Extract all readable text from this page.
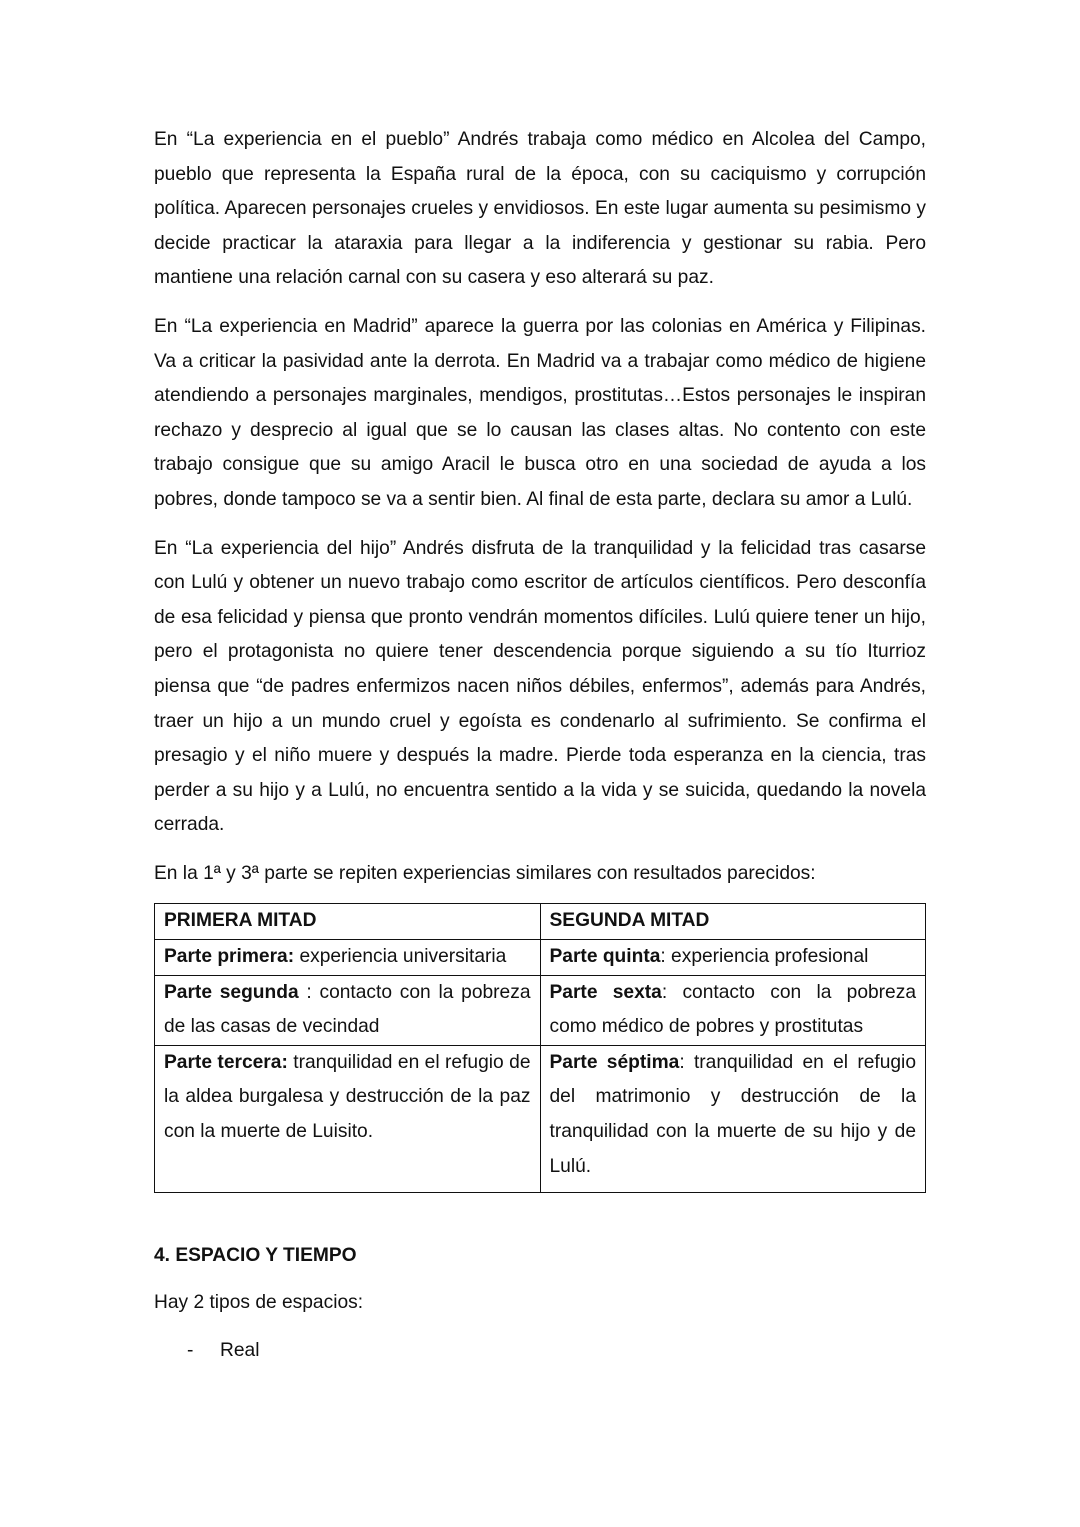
En “La experiencia en el pueblo” Andrés trabaja como médico en Alcolea del Campo, pueblo que representa la España rural de la época, con su caciquismo y corrupción política. Aparecen personajes crueles y envidiosos. En este lugar aumenta su pesimismo y decide practicar la ataraxia para llegar a la indiferencia y gestionar su rabia. Pero mantiene una relación carnal con su casera y eso alterará su paz.

En “La experiencia en Madrid” aparece la guerra por las colonias en América y Filipinas. Va a criticar la pasividad ante la derrota. En Madrid va a trabajar como médico de higiene atendiendo a personajes marginales, mendigos, prostitutas…Estos personajes le inspiran rechazo y desprecio al igual que se lo causan las clases altas. No contento con este trabajo consigue que su amigo Aracil le busca otro en una sociedad de ayuda a los pobres, donde tampoco se va a sentir bien. Al final de esta parte, declara su amor a Lulú.

En “La experiencia del hijo” Andrés disfruta de la tranquilidad y la felicidad tras casarse con Lulú y obtener un nuevo trabajo como escritor de artículos científicos. Pero desconfía de esa felicidad y piensa que pronto vendrán momentos difíciles. Lulú quiere tener un hijo, pero el protagonista no quiere tener descendencia porque siguiendo a su tío Iturrioz piensa que “de padres enfermizos nacen niños débiles, enfermos”, además para Andrés, traer un hijo a un mundo cruel y egoísta es condenarlo al sufrimiento. Se confirma el presagio y el niño muere y después la madre. Pierde toda esperanza en la ciencia, tras perder a su hijo y a Lulú, no encuentra sentido a la vida y se suicida, quedando la novela cerrada.

En la 1ª y 3ª parte se repiten experiencias similares con resultados parecidos:

PRIMERA MITAD	SEGUNDA MITAD
Parte primera: experiencia universitaria	Parte quinta: experiencia profesional
Parte segunda : contacto con la pobreza de las casas de vecindad	Parte sexta: contacto con la pobreza como médico de pobres y prostitutas
Parte tercera: tranquilidad en el refugio de la aldea burgalesa y destrucción de la paz con la muerte de Luisito.	Parte séptima: tranquilidad en el refugio del matrimonio y destrucción de la tranquilidad con la muerte de su hijo y de Lulú.
4. ESPACIO Y TIEMPO

Hay 2 tipos de espacios:

-	Real
